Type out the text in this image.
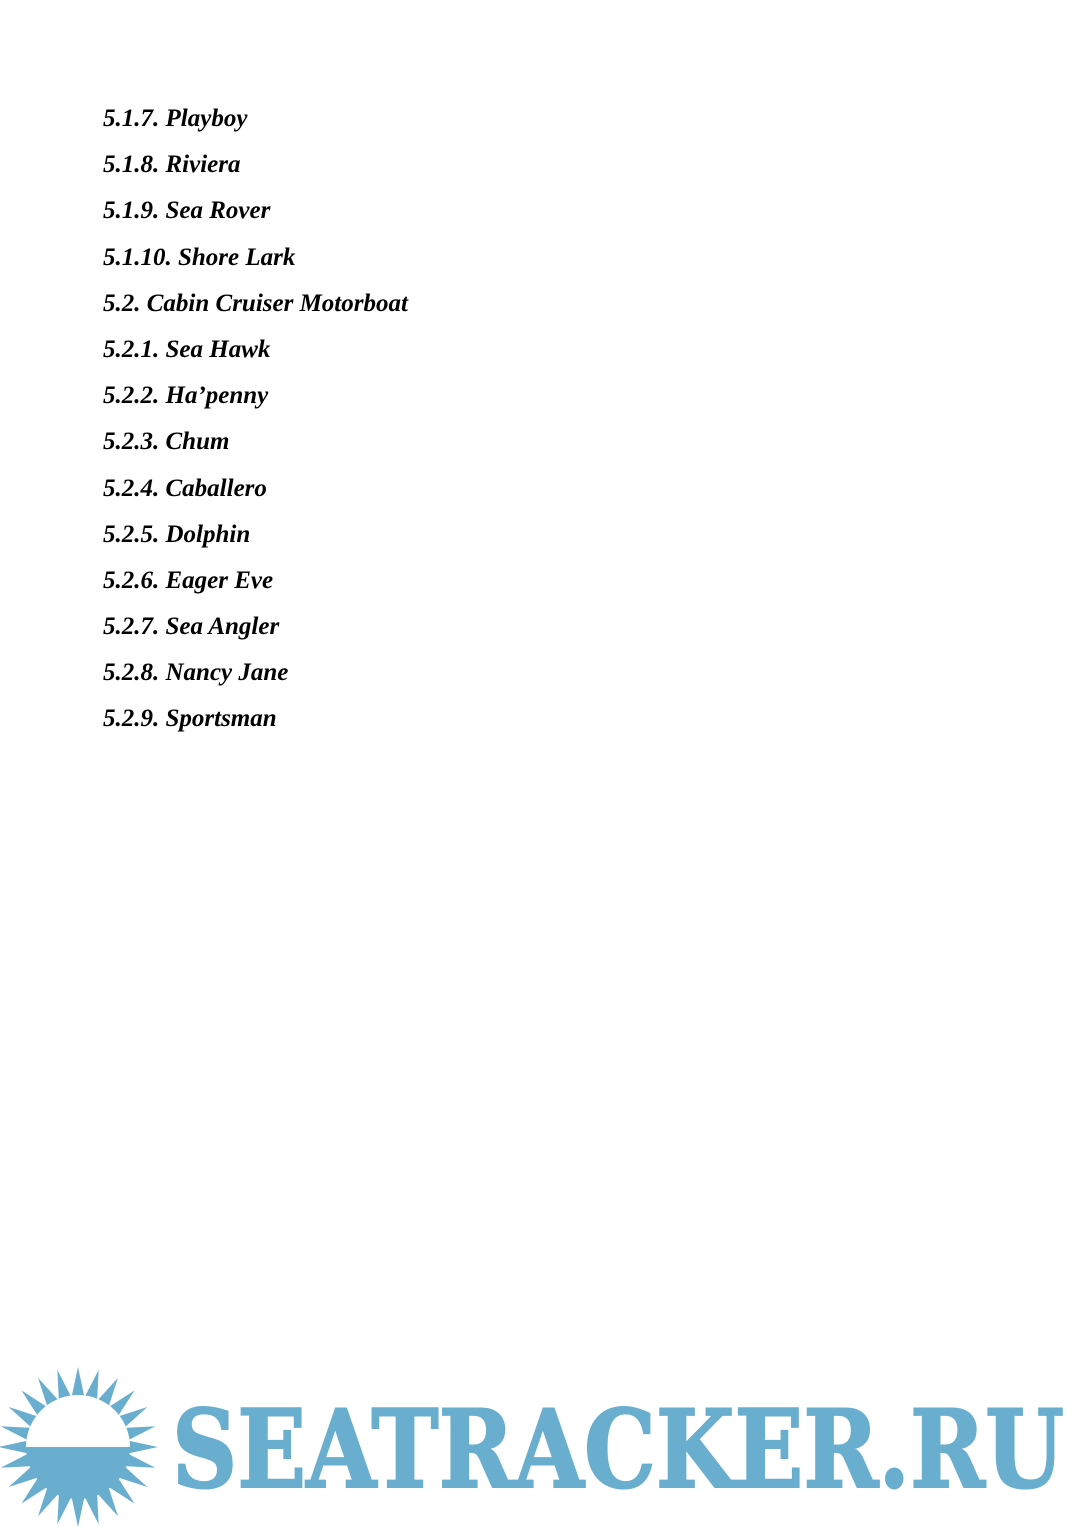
5.1.7. Playboy
5.1.8. Riviera
5.1.9. Sea Rover
5.1.10. Shore Lark
5.2. Cabin Cruiser Motorboat
5.2.1. Sea Hawk
5.2.2. Ha’penny
5.2.3. Chum
5.2.4. Caballero
5.2.5. Dolphin
5.2.6. Eager Eve
5.2.7. Sea Angler
5.2.8. Nancy Jane
5.2.9. Sportsman
SEATRACKER.RU
